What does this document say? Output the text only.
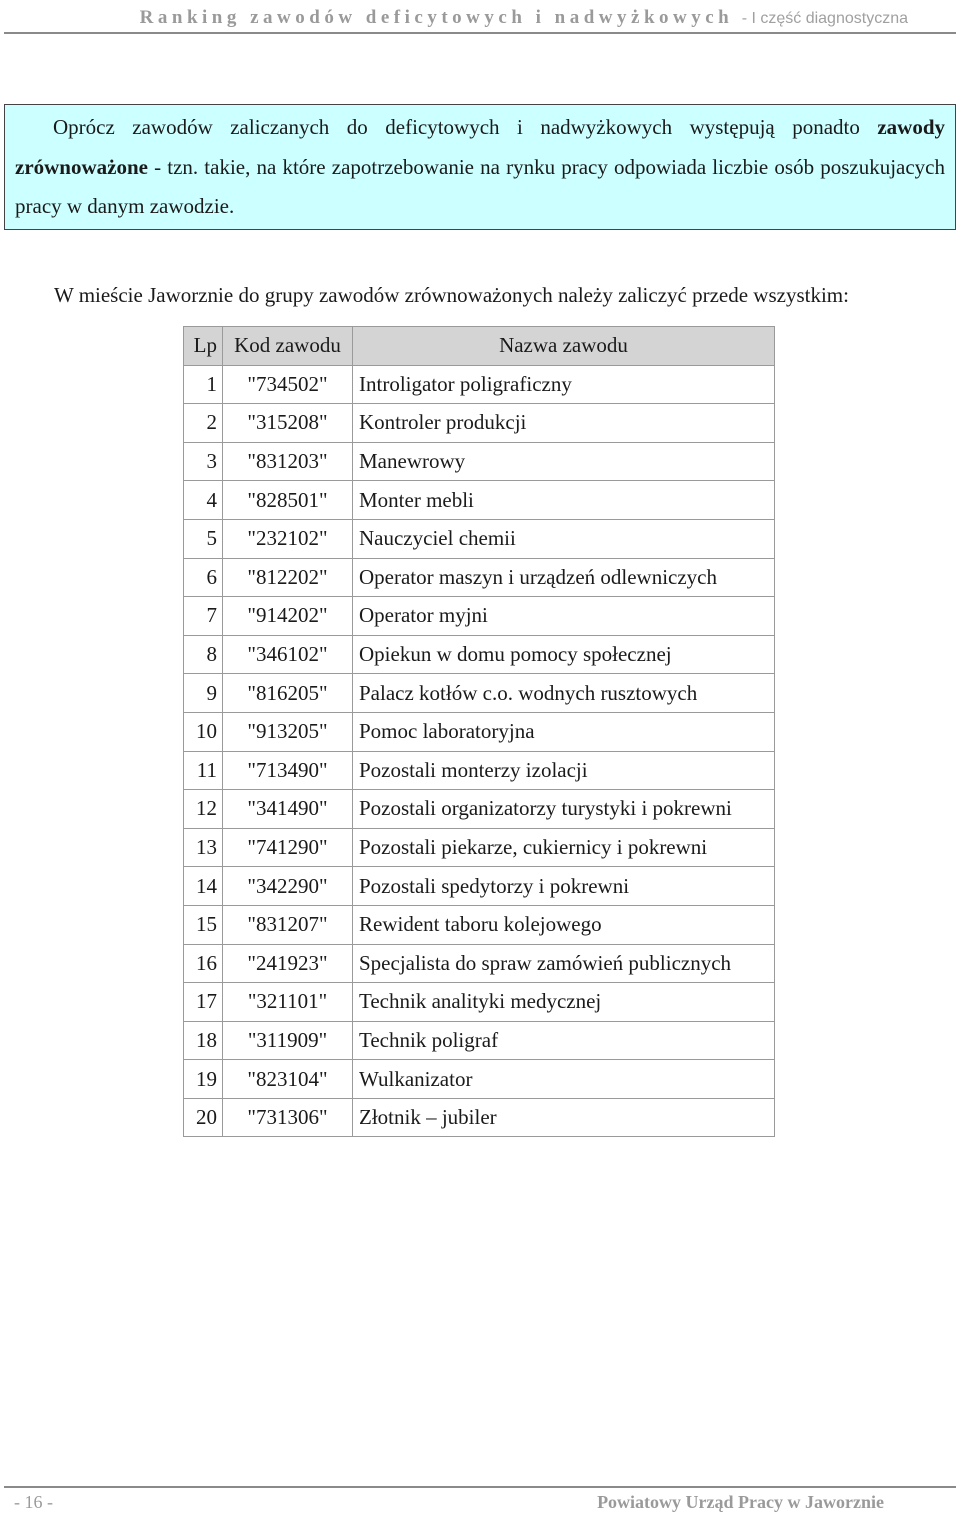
Ranking zawodów deficytowych i nadwyżkowych - I część diagnostyczna
Oprócz zawodów zaliczanych do deficytowych i nadwyżkowych występują ponadto zawody zrównoważone - tzn. takie, na które zapotrzebowanie na rynku pracy odpowiada liczbie osób poszukujacych pracy w danym zawodzie.
W mieście Jaworznie do grupy zawodów zrównoważonych należy zaliczyć przede wszystkim:
Lp	Kod zawodu	Nazwa zawodu
1	"734502"	Introligator poligraficzny
2	"315208"	Kontroler produkcji
3	"831203"	Manewrowy
4	"828501"	Monter mebli
5	"232102"	Nauczyciel chemii
6	"812202"	Operator maszyn i urządzeń odlewniczych
7	"914202"	Operator myjni
8	"346102"	Opiekun w domu pomocy społecznej
9	"816205"	Palacz kotłów c.o. wodnych rusztowych
10	"913205"	Pomoc laboratoryjna
11	"713490"	Pozostali monterzy izolacji
12	"341490"	Pozostali organizatorzy turystyki i pokrewni
13	"741290"	Pozostali piekarze, cukiernicy i pokrewni
14	"342290"	Pozostali spedytorzy i pokrewni
15	"831207"	Rewident taboru kolejowego
16	"241923"	Specjalista do spraw zamówień publicznych
17	"321101"	Technik analityki medycznej
18	"311909"	Technik poligraf
19	"823104"	Wulkanizator
20	"731306"	Złotnik – jubiler
- 16 -	Powiatowy Urząd Pracy w Jaworznie
